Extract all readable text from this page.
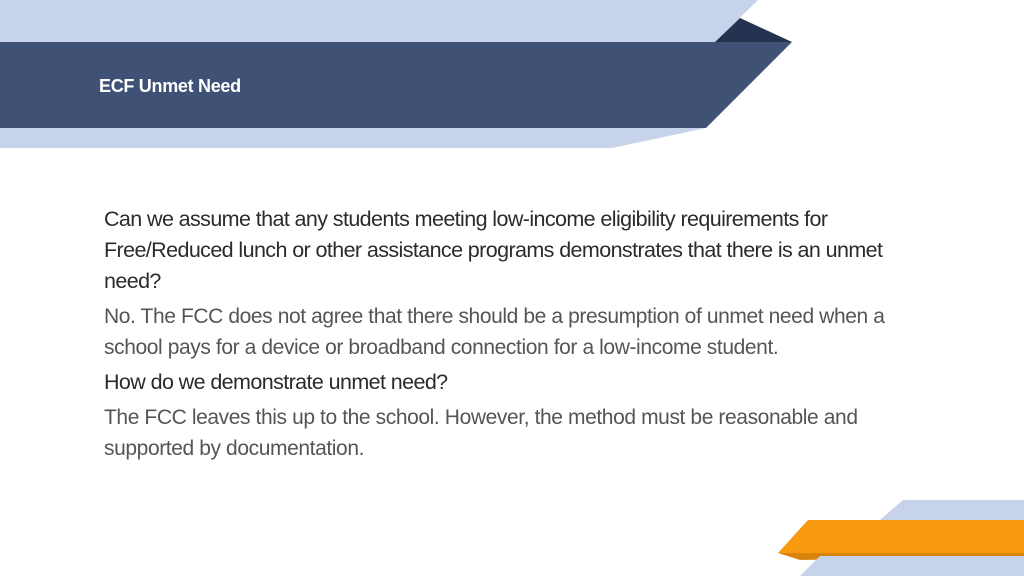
ECF Unmet Need

Can we assume that any students meeting low-income eligibility requirements for Free/Reduced lunch or other assistance programs demonstrates that there is an unmet need?

No. The FCC does not agree that there should be a presumption of unmet need when a school pays for a device or broadband connection for a low-income student.

How do we demonstrate unmet need?

The FCC leaves this up to the school. However, the method must be reasonable and supported by documentation.
